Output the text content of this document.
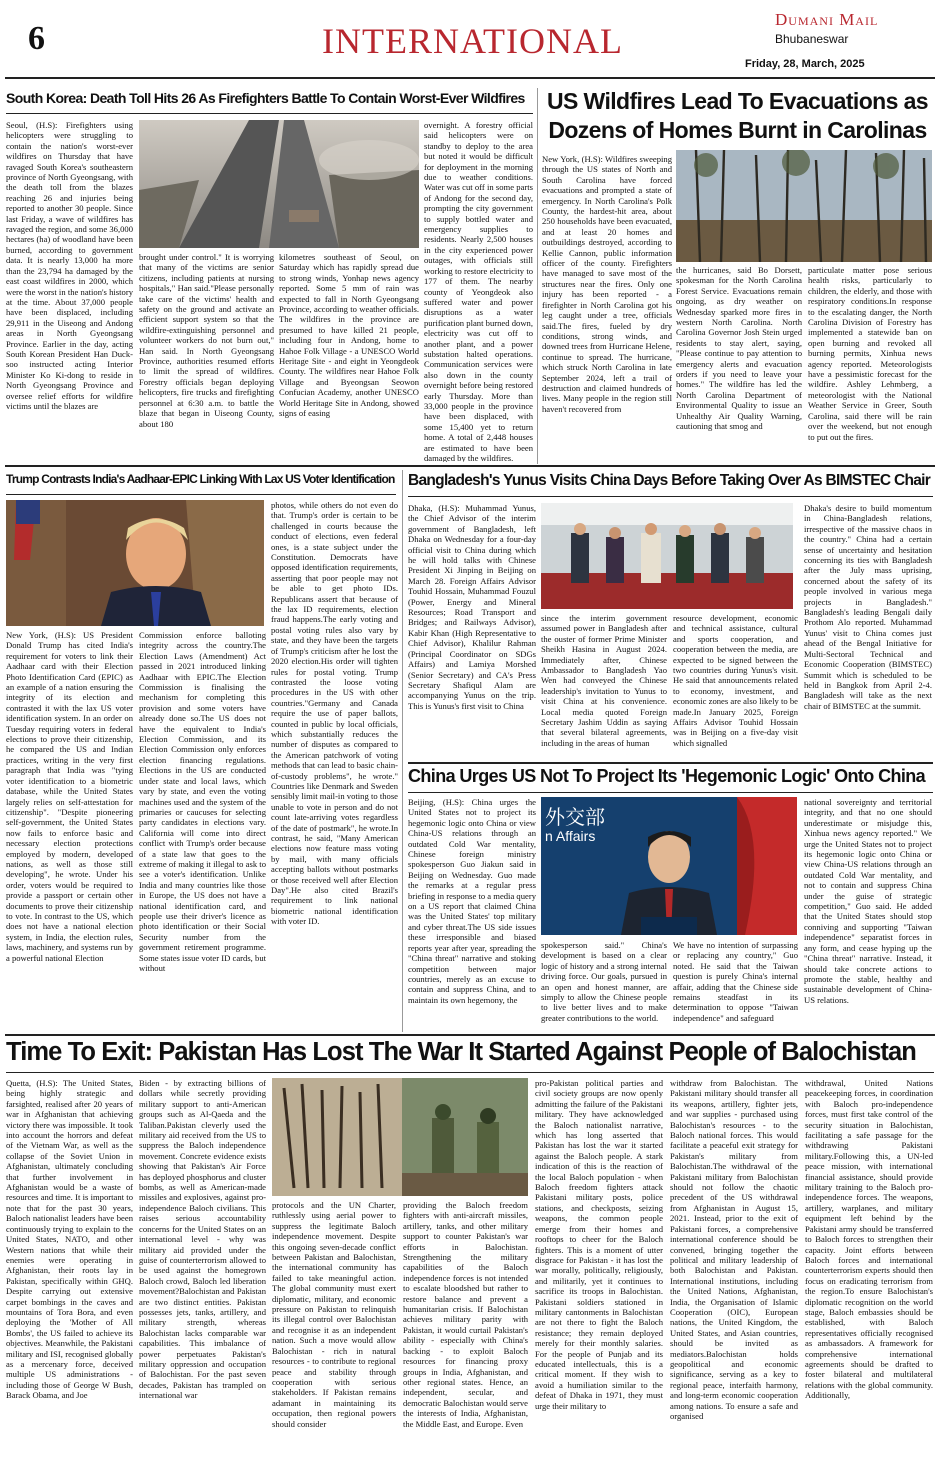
6	INTERNATIONAL
Dumani Mail
Bhubaneswar
Friday, 28, March, 2025
South Korea: Death Toll Hits 26 As Firefighters Battle To Contain Worst-Ever Wildfires
Seoul, (H.S): Firefighters using helicopters were struggling to contain the nation's worst-ever wildfires on Thursday that have ravaged South Korea's southeastern province of North Gyeongsang, with the death toll from the blazes reaching 26 and injuries being reported to another 30 people. Since last Friday, a wave of wildfires has ravaged the region, and some 36,000 hectares (ha) of woodland have been burned, according to government data. It is nearly 13,000 ha more than the 23,794 ha damaged by the east coast wildfires in 2000, which were the worst in the nation's history at the time. About 37,000 people have been displaced, including 29,911 in the Uiseong and Andong areas in North Gyeongsang Province. Earlier in the day, acting South Korean President Han Duck-soo instructed acting Interior Minister Ko Ki-dong to reside in North Gyeongsang Province and oversee relief efforts for wildfire victims until the blazes are
brought under control." It is worrying that many of the victims are senior citizens, including patients at nursing hospitals," Han said."Please personally take care of the victims' health and safety on the ground and activate an efficient support system so that the wildfire-extinguishing personnel and volunteer workers do not burn out," Han said. In North Gyeongsang Province, authorities resumed efforts to limit the spread of wildfires. Forestry officials began deploying helicopters, fire trucks and firefighting personnel at 6:30 a.m. to battle the blaze that began in Uiseong County, about 180
kilometres southeast of Seoul, on Saturday which has rapidly spread due to strong winds, Yonhap news agency reported. Some 5 mm of rain was expected to fall in North Gyeongsang Province, according to weather officials. The wildfires in the province are presumed to have killed 21 people, including four in Andong, home to Hahoe Folk Village - a UNESCO World Heritage Site - and eight in Yeongdeok County. The wildfires near Hahoe Folk Village and Byeongsan Seowon Confucian Academy, another UNESCO World Heritage Site in Andong, showed signs of easing
overnight. A forestry official said helicopters were on standby to deploy to the area but noted it would be difficult for deployment in the morning due to weather conditions. Water was cut off in some parts of Andong for the second day, prompting the city government to supply bottled water and emergency supplies to residents. Nearly 2,500 houses in the city experienced power outages, with officials still working to restore electricity to 177 of them. The nearby county of Yeongdeok also suffered water and power disruptions as a water purification plant burned down, electricity was cut off to another plant, and a power substation halted operations. Communication services were also down in the county overnight before being restored early Thursday. More than 33,000 people in the province have been displaced, with some 15,400 yet to return home. A total of 2,448 houses are estimated to have been damaged by the wildfires.
US Wildfires Lead To Evacuations as
Dozens of Homes Burnt in Carolinas
New York, (H.S): Wildfires sweeping through the US states of North and South Carolina have forced evacuations and prompted a state of emergency. In North Carolina's Polk County, the hardest-hit area, about 250 households have been evacuated, and at least 20 homes and outbuildings destroyed, according to Kellie Cannon, public information officer of the county. Firefighters have managed to save most of the structures near the fires. Only one injury has been reported - a firefighter in North Carolina got his leg caught under a tree, officials said.The fires, fueled by dry conditions, strong winds, and downed trees from Hurricane Helene, continue to spread. The hurricane, which struck North Carolina in late September 2024, left a trail of destruction and claimed hundreds of lives. Many people in the region still haven't recovered from
the hurricanes, said Bo Dorsett, spokesman for the North Carolina Forest Service. Evacuations remain ongoing, as dry weather on Wednesday sparked more fires in western North Carolina. North Carolina Governor Josh Stein urged residents to stay alert, saying, "Please continue to pay attention to emergency alerts and evacuation orders if you need to leave your homes." The wildfire has led the North Carolina Department of Environmental Quality to issue an Unhealthy Air Quality Warning, cautioning that smog and
particulate matter pose serious health risks, particularly to children, the elderly, and those with respiratory conditions.In response to the escalating danger, the North Carolina Division of Forestry has implemented a statewide ban on open burning and revoked all burning permits, Xinhua news agency reported. Meteorologists have a pessimistic forecast for the wildfire. Ashley Lehmberg, a meteorologist with the National Weather Service in Greer, South Carolina, said there will be rain over the weekend, but not enough to put out the fires.
Trump Contrasts India's Aadhaar-EPIC Linking With Lax US Voter Identification
New York, (H.S): US President Donald Trump has cited India's requirement for voters to link their Aadhaar card with their Election Photo Identification Card (EPIC) as an example of a nation ensuring the integrity of its election and contrasted it with the lax US voter identification system. In an order on Tuesday requiring voters in federal elections to prove their citizenship, he compared the US and Indian practices, writing in the very first paragraph that India was "tying voter identification to a biometric database, while the United States largely relies on self-attestation for citizenship". "Despite pioneering self-government, the United States now fails to enforce basic and necessary election protections employed by modern, developed nations, as well as those still developing", he wrote. Under his order, voters would be required to provide a passport or certain other documents to prove their citizenship to vote. In contrast to the US, which does not have a national election system, in India, the election rules, laws, machinery, and systems run by a powerful national Election
Commission enforce balloting integrity across the country.The Election Laws (Amendment) Act passed in 2021 introduced linking Aadhaar with EPIC.The Election Commission is finalising the mechanism for completing this provision and some voters have already done so.The US does not have the equivalent to India's Election Commission, and its Election Commission only enforces election financing regulations. Elections in the US are conducted under state and local laws, which vary by state, and even the voting machines used and the system of the primaries or caucuses for selecting party candidates in elections vary. California will come into direct conflict with Trump's order because of a state law that goes to the extreme of making it illegal to ask to see a voter's identification. Unlike India and many countries like those in Europe, the US does not have a national identification card, and people use their driver's licence as photo identification or their Social Security number from the government retirement programme. Some states issue voter ID cards, but without
photos, while others do not even do that. Trump's order is certain to be challenged in courts because the conduct of elections, even federal ones, is a state subject under the Constitution. Democrats have opposed identification requirements, asserting that poor people may not be able to get photo IDs. Republicans assert that because of the lax ID requirements, election fraud happens.The early voting and postal voting rules also vary by state, and they have been the targets of Trump's criticism after he lost the 2020 election.His order will tighten rules for postal voting. Trump contrasted the loose voting procedures in the US with other countries."Germany and Canada require the use of paper ballots, counted in public by local officials, which substantially reduces the number of disputes as compared to the American patchwork of voting methods that can lead to basic chain-of-custody problems", he wrote." Countries like Denmark and Sweden sensibly limit mail-in voting to those unable to vote in person and do not count late-arriving votes regardless of the date of postmark", he wrote.In contrast, he said, "Many American elections now feature mass voting by mail, with many officials accepting ballots without postmarks or those received well after Election Day".He also cited Brazil's requirement to link national biometric national identification with voter ID.
Bangladesh's Yunus Visits China Days Before Taking Over As BIMSTEC Chair
Dhaka, (H.S): Muhammad Yunus, the Chief Advisor of the interim government of Bangladesh, left Dhaka on Wednesday for a four-day official visit to China during which he will hold talks with Chinese President Xi Jinping in Beijing on March 28. Foreign Affairs Advisor Touhid Hossain, Muhammad Fouzul (Power, Energy and Mineral Resources; Road Transport and Bridges; and Railways Advisor), Kabir Khan (High Representative to Chief Advisor), Khalilur Rahman (Principal Coordinator on SDGs Affairs) and Lamiya Morshed (Senior Secretary) and CA's Press Secretary Shafiqul Alam are accompanying Yunus on the trip. This is Yunus's first visit to China
since the interim government assumed power in Bangladesh after the ouster of former Prime Minister Sheikh Hasina in August 2024. Immediately after, Chinese Ambassador to Bangladesh Yao Wen had conveyed the Chinese leadership's invitation to Yunus to visit China at his convenience. Local media quoted Foreign Secretary Jashim Uddin as saying that several bilateral agreements, including in the areas of human
resource development, economic and technical assistance, cultural and sports cooperation, and cooperation between the media, are expected to be signed between the two countries during Yunus's visit. He said that announcements related to economy, investment, and economic zones are also likely to be made.In January 2025, Foreign Affairs Advisor Touhid Hossain was in Beijing on a five-day visit which signalled
Dhaka's desire to build momentum in China-Bangladesh relations, irrespective of the massive chaos in the country." China had a certain sense of uncertainty and hesitation concerning its ties with Bangladesh after the July mass uprising, concerned about the safety of its people involved in various mega projects in Bangladesh." Bangladesh's leading Bengali daily Prothom Alo reported. Muhammad Yunus' visit to China comes just ahead of the Bengal Initiative for Multi-Sectoral Technical and Economic Cooperation (BIMSTEC) Summit which is scheduled to be held in Bangkok from April 2-4. Bangladesh will take as the next chair of BIMSTEC at the summit.
China Urges US Not To Project Its 'Hegemonic Logic' Onto China
Beijing, (H.S): China urges the United States not to project its hegemonic logic onto China or view China-US relations through an outdated Cold War mentality, Chinese foreign ministry spokesperson Guo Jiakun said in Beijing on Wednesday. Guo made the remarks at a regular press briefing in response to a media query on a US report that claimed China was the United States' top military and cyber threat.The US side issues these irresponsible and biased reports year after year, spreading the "China threat" narrative and stoking competition between major countries, merely as an excuse to contain and suppress China, and to maintain its own hegemony, the
外交部
n Affairs
spokesperson said." China's development is based on a clear logic of history and a strong internal driving force. Our goals, pursued in an open and honest manner, are simply to allow the Chinese people to live better lives and to make greater contributions to the world.
We have no intention of surpassing or replacing any country," Guo noted. He said that the Taiwan question is purely China's internal affair, adding that the Chinese side remains steadfast in its determination to oppose "Taiwan independence" and safeguard
national sovereignty and territorial integrity, and that no one should underestimate or misjudge this, Xinhua news agency reported." We urge the United States not to project its hegemonic logic onto China or view China-US relations through an outdated Cold War mentality, and not to contain and suppress China under the guise of strategic competition," Guo said. He added that the United States should stop conniving and supporting "Taiwan independence" separatist forces in any form, and cease hyping up the "China threat" narrative. Instead, it should take concrete actions to promote the stable, healthy and sustainable development of China-US relations.
Time To Exit: Pakistan Has Lost The War It Started Against People of Balochistan
Quetta, (H.S): The United States, being highly strategic and farsighted, realised after 20 years of war in Afghanistan that achieving victory there was impossible. It took into account the horrors and defeat of the Vietnam War, as well as the collapse of the Soviet Union in Afghanistan, ultimately concluding that further involvement in Afghanistan would be a waste of resources and time. It is important to note that for the past 30 years, Baloch nationalist leaders have been continuously trying to explain to the United States, NATO, and other Western nations that while their enemies were operating in Afghanistan, their roots lay in Pakistan, specifically within GHQ. Despite carrying out extensive carpet bombings in the caves and mountains of Tora Bora, and even deploying the 'Mother of All Bombs', the US failed to achieve its objectives. Meanwhile, the Pakistani military and ISI, recognised globally as a mercenary force, deceived multiple US administrations - including those of George W Bush, Barack Obama, and Joe
Biden - by extracting billions of dollars while secretly providing military support to anti-American groups such as Al-Qaeda and the Taliban.Pakistan cleverly used the military aid received from the US to suppress the Baloch independence movement. Concrete evidence exists showing that Pakistan's Air Force has deployed phosphorus and cluster bombs, as well as American-made missiles and explosives, against pro-independence Baloch civilians. This raises serious accountability concerns for the United States on an international level - why was military aid provided under the guise of counterterrorism allowed to be used against the homegrown Baloch crowd, Baloch led liberation movement?Balochistan and Pakistan are two distinct entities. Pakistan possesses jets, tanks, artillery, and military strength, whereas Balochistan lacks comparable war capabilities. This imbalance of power perpetuates Pakistan's military oppression and occupation of Balochistan. For the past seven decades, Pakistan has trampled on international war
protocols and the UN Charter, ruthlessly using aerial power to suppress the legitimate Baloch independence movement. Despite this ongoing seven-decade conflict between Pakistan and Balochistan, the international community has failed to take meaningful action. The global community must exert diplomatic, military, and economic pressure on Pakistan to relinquish its illegal control over Balochistan and recognise it as an independent nation. Such a move would allow Balochistan - rich in natural resources - to contribute to regional peace and stability through cooperation with serious stakeholders. If Pakistan remains adamant in maintaining its occupation, then regional powers should consider
providing the Baloch freedom fighters with anti-aircraft missiles, artillery, tanks, and other military support to counter Pakistan's war efforts in Balochistan. Strengthening the military capabilities of the Baloch independence forces is not intended to escalate bloodshed but rather to restore balance and prevent a humanitarian crisis. If Balochistan achieves military parity with Pakistan, it would curtail Pakistan's ability - especially with China's backing - to exploit Baloch resources for financing proxy groups in India, Afghanistan, and other regional states. Hence, an independent, secular, and democratic Balochistan would serve the interests of India, Afghanistan, the Middle East, and Europe. Even
pro-Pakistan political parties and civil society groups are now openly admitting the failure of the Pakistani military. They have acknowledged the Baloch nationalist narrative, which has long asserted that Pakistan has lost the war it started against the Baloch people. A stark indication of this is the reaction of the local Baloch population - when Baloch freedom fighters attack Pakistani military posts, police stations, and checkposts, seizing weapons, the common people emerge from their homes and rooftops to cheer for the Baloch fighters. This is a moment of utter disgrace for Pakistan - it has lost the war morally, politically, religiously, and militarily, yet it continues to sacrifice its troops in Balochistan. Pakistani soldiers stationed in military cantonments in Balochistan are not there to fight the Baloch resistance; they remain deployed merely for their monthly salaries. For the people of Punjab and its educated intellectuals, this is a critical moment. If they wish to avoid a humiliation similar to the defeat of Dhaka in 1971, they must urge their military to
withdraw from Balochistan. The Pakistani military should transfer all its weapons, artillery, fighter jets, and war supplies - purchased using Balochistan's resources - to the Baloch national forces. This would facilitate a peaceful exit strategy for Pakistan's military from Balochistan.The withdrawal of the Pakistani military from Balochistan should not follow the chaotic precedent of the US withdrawal from Afghanistan in August 15, 2021. Instead, prior to the exit of Pakistani forces, a comprehensive international conference should be convened, bringing together the political and military leadership of both Balochistan and Pakistan. International institutions, including the United Nations, Afghanistan, India, the Organisation of Islamic Cooperation (OIC), European nations, the United Kingdom, the United States, and Asian countries, should be invited as mediators.Balochistan holds geopolitical and economic significance, serving as a key to regional peace, interfaith harmony, and long-term economic cooperation among nations. To ensure a safe and organised
withdrawal, United Nations peacekeeping forces, in coordination with Baloch pro-independence forces, must first take control of the security situation in Balochistan, facilitating a safe passage for the withdrawing Pakistani military.Following this, a UN-led peace mission, with international financial assistance, should provide military training to the Baloch pro-independence forces. The weapons, artillery, warplanes, and military equipment left behind by the Pakistani army should be transferred to Baloch forces to strengthen their capacity. Joint efforts between Baloch forces and international counterterrorism experts should then focus on eradicating terrorism from the region.To ensure Balochistan's diplomatic recognition on the world stage, Baloch embassies should be established, with Baloch representatives officially recognised as ambassadors. A framework for comprehensive international agreements should be drafted to foster bilateral and multilateral relations with the global community. Additionally,
